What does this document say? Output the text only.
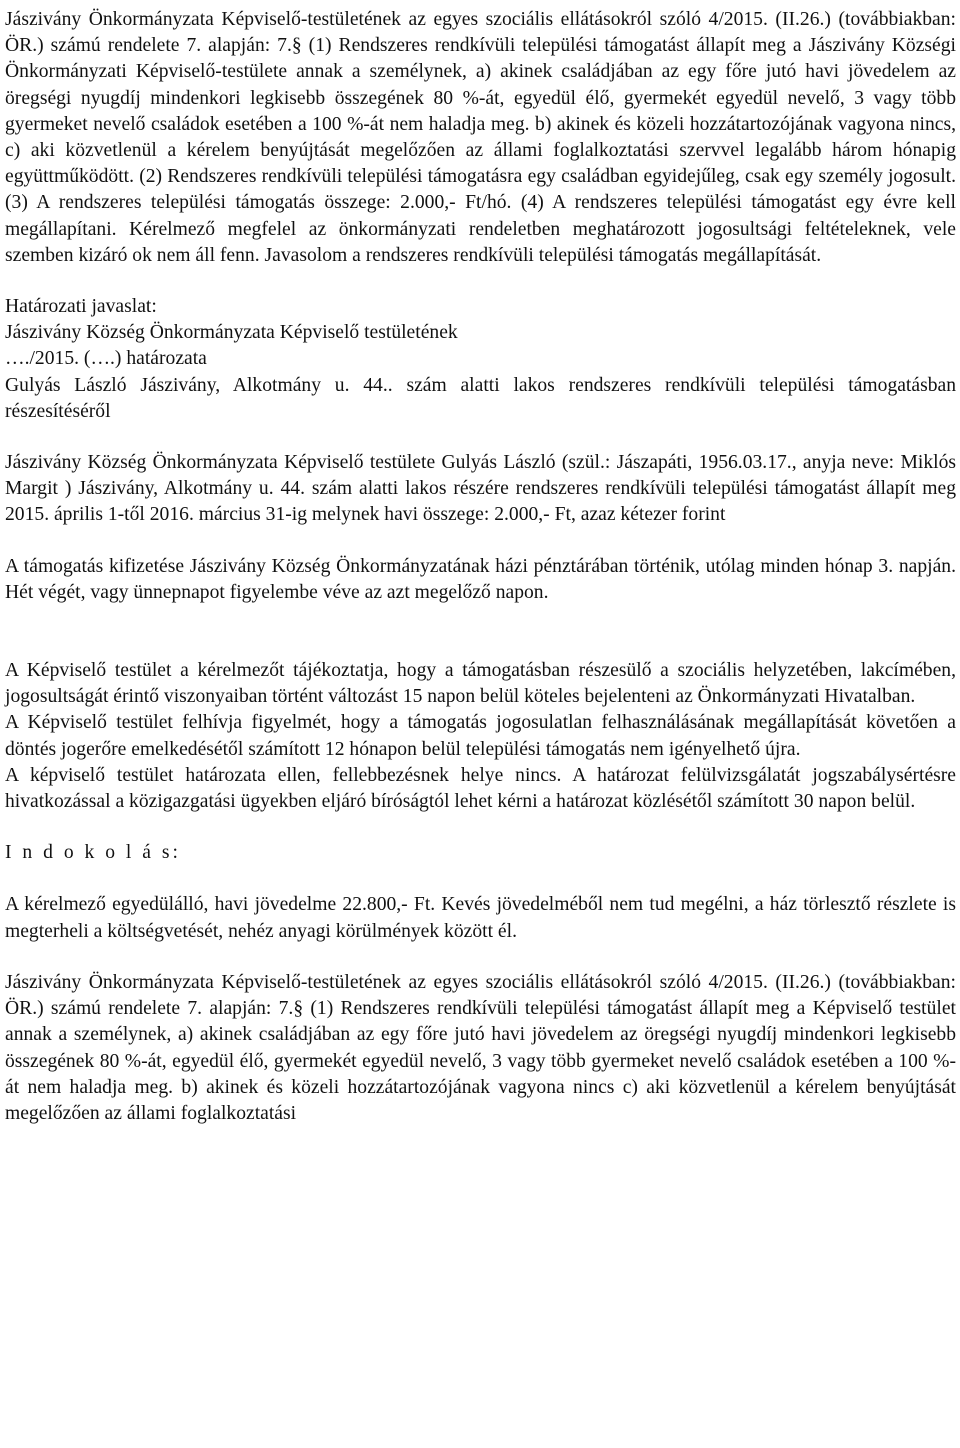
Jászivány Önkormányzata Képviselő-testületének az egyes szociális ellátásokról szóló 4/2015. (II.26.) (továbbiakban: ÖR.) számú rendelete 7. alapján: 7.§ (1) Rendszeres rendkívüli települési támogatást állapít meg a Jászivány Községi Önkormányzati Képviselő-testülete annak a személynek, a) akinek családjában az egy főre jutó havi jövedelem az öregségi nyugdíj mindenkori legkisebb összegének 80 %-át, egyedül élő, gyermekét egyedül nevelő, 3 vagy több gyermeket nevelő családok esetében a 100 %-át nem haladja meg. b) akinek és közeli hozzátartozójának vagyona nincs, c) aki közvetlenül a kérelem benyújtását megelőzően az állami foglalkoztatási szervvel legalább három hónapig együttműködött. (2) Rendszeres rendkívüli települési támogatásra egy családban egyidejűleg, csak egy személy jogosult. (3) A rendszeres települési támogatás összege: 2.000,- Ft/hó. (4) A rendszeres települési támogatást egy évre kell megállapítani. Kérelmező megfelel az önkormányzati rendeletben meghatározott jogosultsági feltételeknek, vele szemben kizáró ok nem áll fenn. Javasolom a rendszeres rendkívüli települési támogatás megállapítását.

Határozati javaslat:

Jászivány Község Önkormányzata Képviselő testületének

…./2015. (….) határozata

Gulyás László Jászivány, Alkotmány u. 44.. szám alatti lakos rendszeres rendkívüli települési támogatásban részesítéséről

Jászivány Község Önkormányzata Képviselő testülete Gulyás László (szül.: Jászapáti, 1956.03.17., anyja neve: Miklós Margit ) Jászivány, Alkotmány u. 44. szám alatti lakos részére rendszeres rendkívüli települési támogatást állapít meg 2015. április 1-től 2016. március 31-ig melynek havi összege: 2.000,- Ft, azaz kétezer forint

A támogatás kifizetése Jászivány Község Önkormányzatának házi pénztárában történik, utólag minden hónap 3. napján. Hét végét, vagy ünnepnapot figyelembe véve az azt megelőző napon.

A Képviselő testület a kérelmezőt tájékoztatja, hogy a támogatásban részesülő a szociális helyzetében, lakcímében, jogosultságát érintő viszonyaiban történt változást 15 napon belül köteles bejelenteni az Önkormányzati Hivatalban.

A Képviselő testület felhívja figyelmét, hogy a támogatás jogosulatlan felhasználásának megállapítását követően a döntés jogerőre emelkedésétől számított 12 hónapon belül települési támogatás nem igényelhető újra.

A képviselő testület határozata ellen, fellebbezésnek helye nincs. A határozat felülvizsgálatát jogszabálysértésre hivatkozással a közigazgatási ügyekben eljáró bíróságtól lehet kérni a határozat közlésétől számított 30 napon belül.

I n d o k o l á s:

A kérelmező egyedülálló, havi jövedelme 22.800,- Ft. Kevés jövedelméből nem tud megélni, a ház törlesztő részlete is megterheli a költségvetését, nehéz anyagi körülmények között él.

Jászivány Önkormányzata Képviselő-testületének az egyes szociális ellátásokról szóló 4/2015. (II.26.) (továbbiakban: ÖR.) számú rendelete 7. alapján: 7.§ (1) Rendszeres rendkívüli települési támogatást állapít meg a Képviselő testület annak a személynek, a) akinek családjában az egy főre jutó havi jövedelem az öregségi nyugdíj mindenkori legkisebb összegének 80 %-át, egyedül élő, gyermekét egyedül nevelő, 3 vagy több gyermeket nevelő családok esetében a 100 %-át nem haladja meg. b) akinek és közeli hozzátartozójának vagyona nincs c) aki közvetlenül a kérelem benyújtását megelőzően az állami foglalkoztatási
